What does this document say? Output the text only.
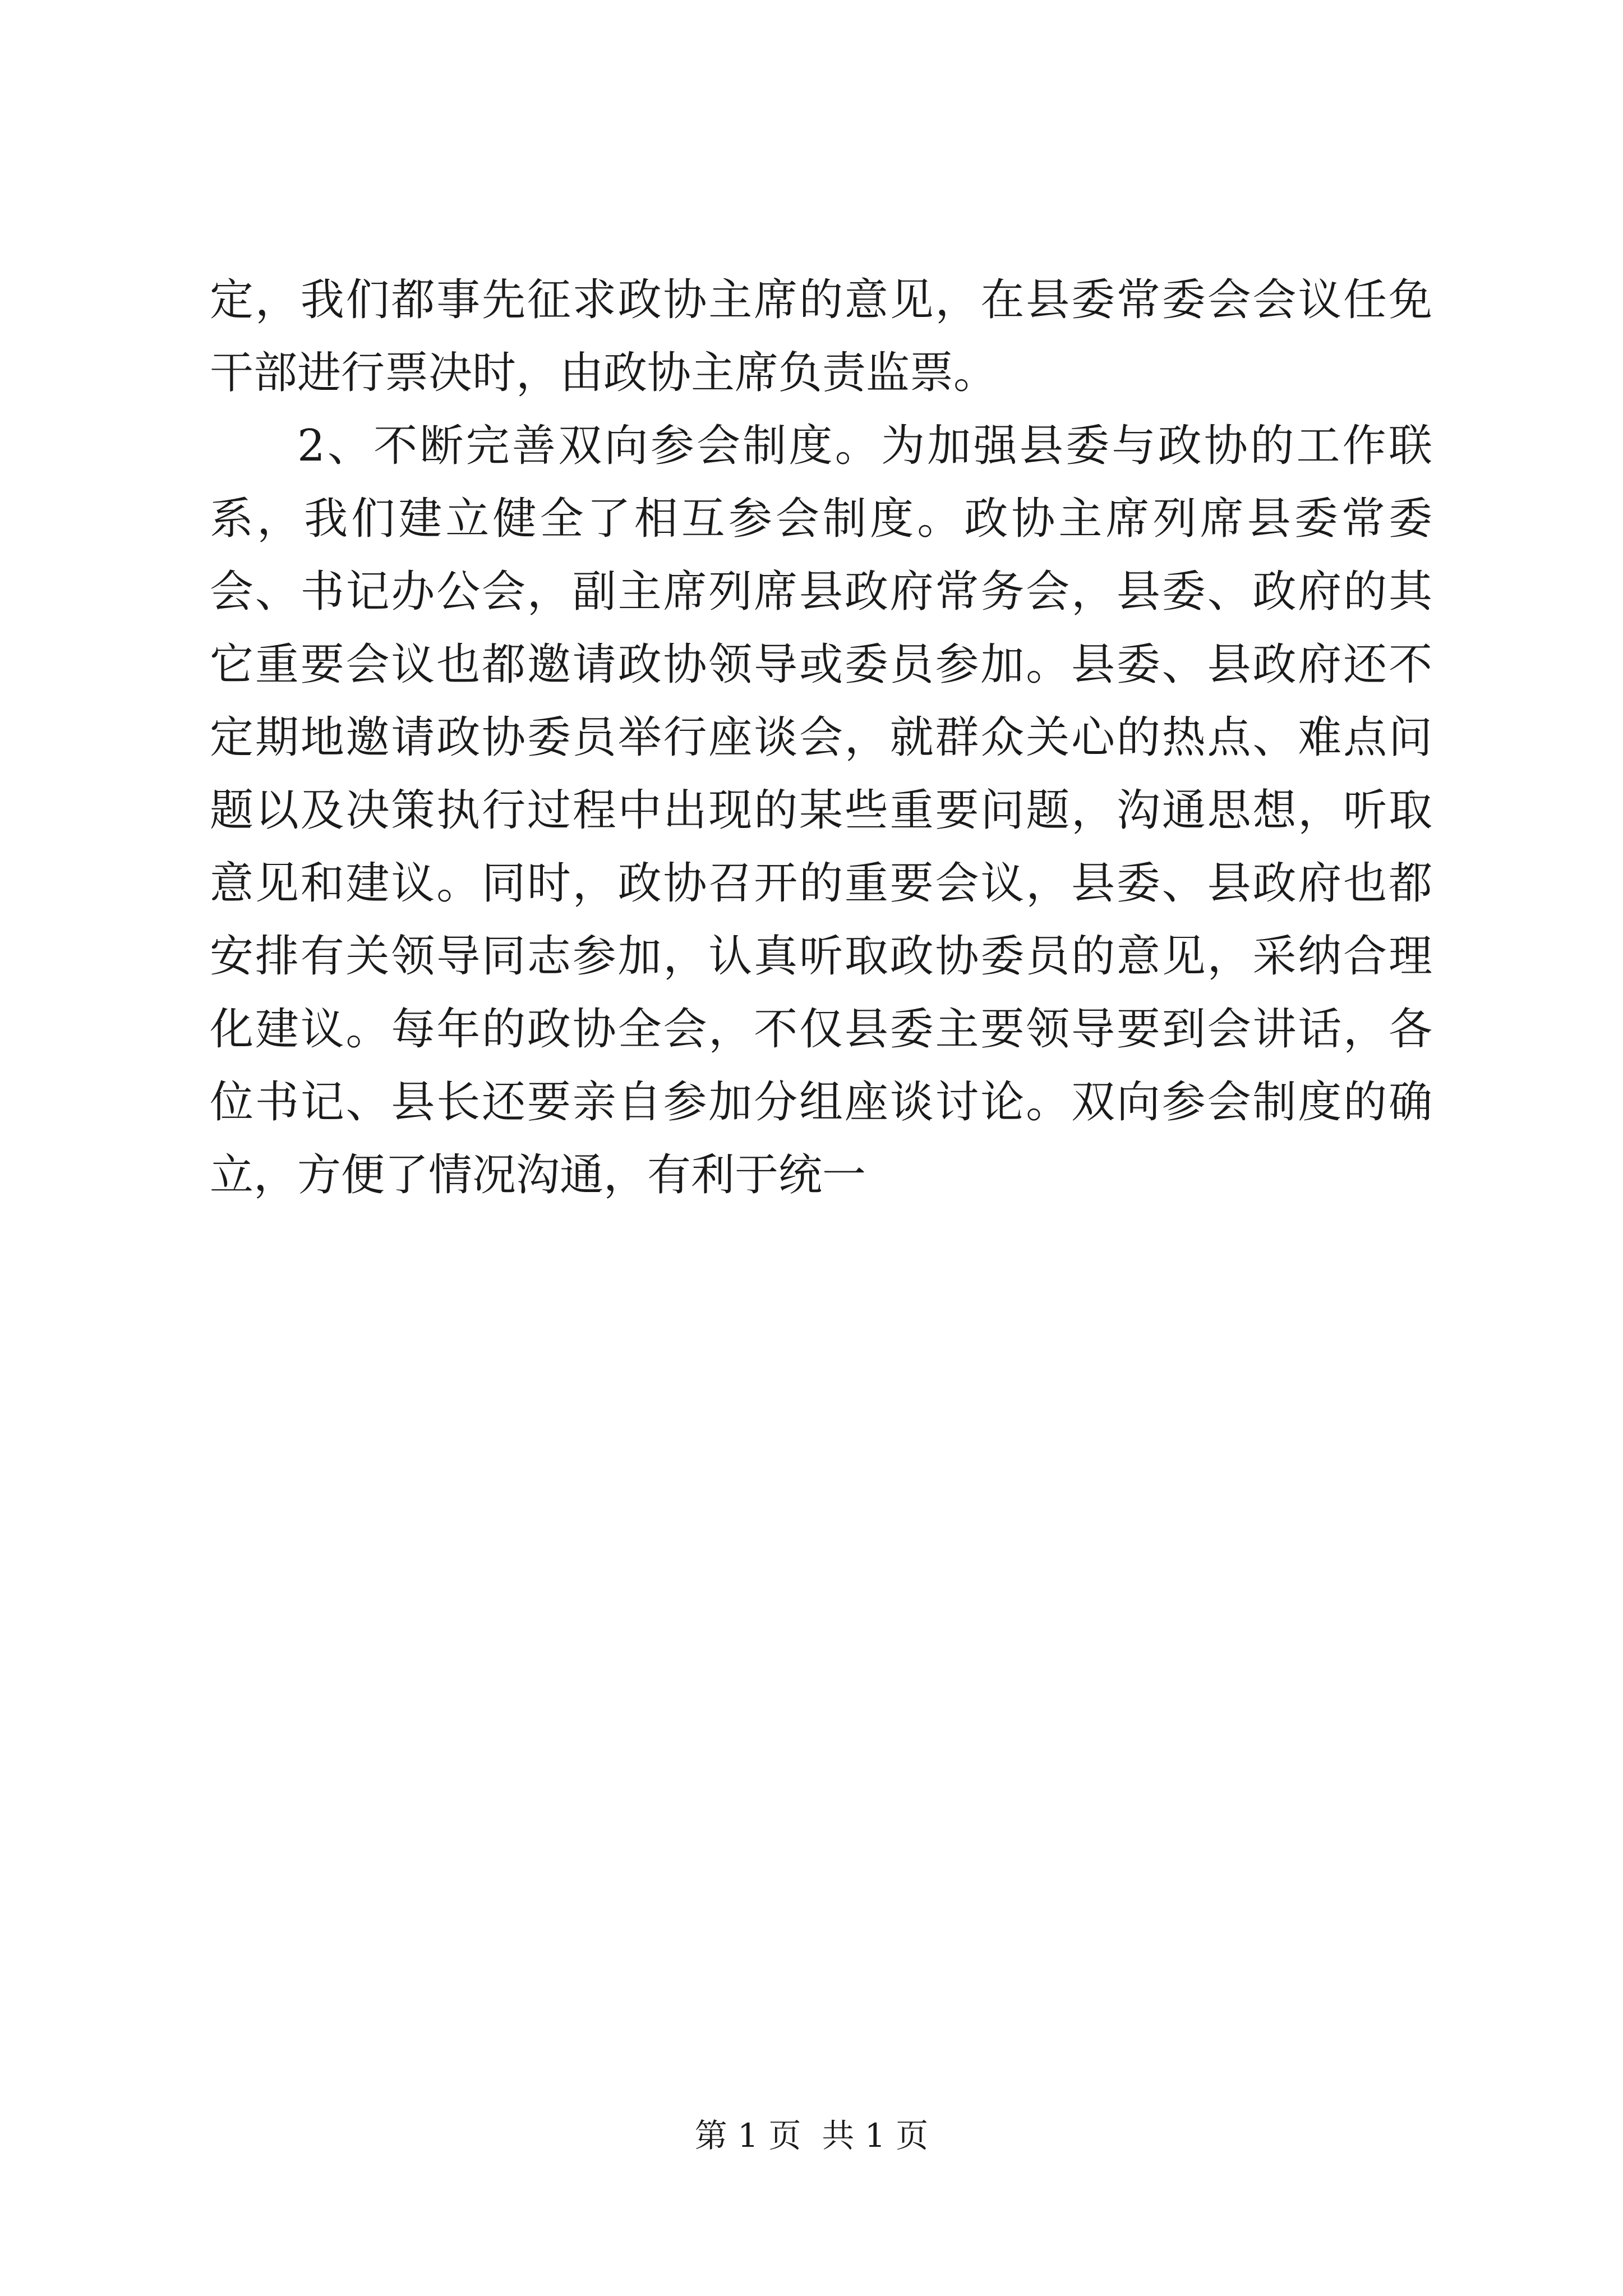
定，我们都事先征求政协主席的意见，在县委常委会会议任免干部进行票决时，由政协主席负责监票。

2、不断完善双向参会制度。为加强县委与政协的工作联系，我们建立健全了相互参会制度。政协主席列席县委常委会、书记办公会，副主席列席县政府常务会，县委、政府的其它重要会议也都邀请政协领导或委员参加。县委、县政府还不定期地邀请政协委员举行座谈会，就群众关心的热点、难点问题以及决策执行过程中出现的某些重要问题，沟通思想，听取意见和建议。同时，政协召开的重要会议，县委、县政府也都安排有关领导同志参加，认真听取政协委员的意见，采纳合理化建议。每年的政协全会，不仅县委主要领导要到会讲话，各位书记、县长还要亲自参加分组座谈讨论。双向参会制度的确立，方便了情况沟通，有利于统一

第 1 页  共 1 页
